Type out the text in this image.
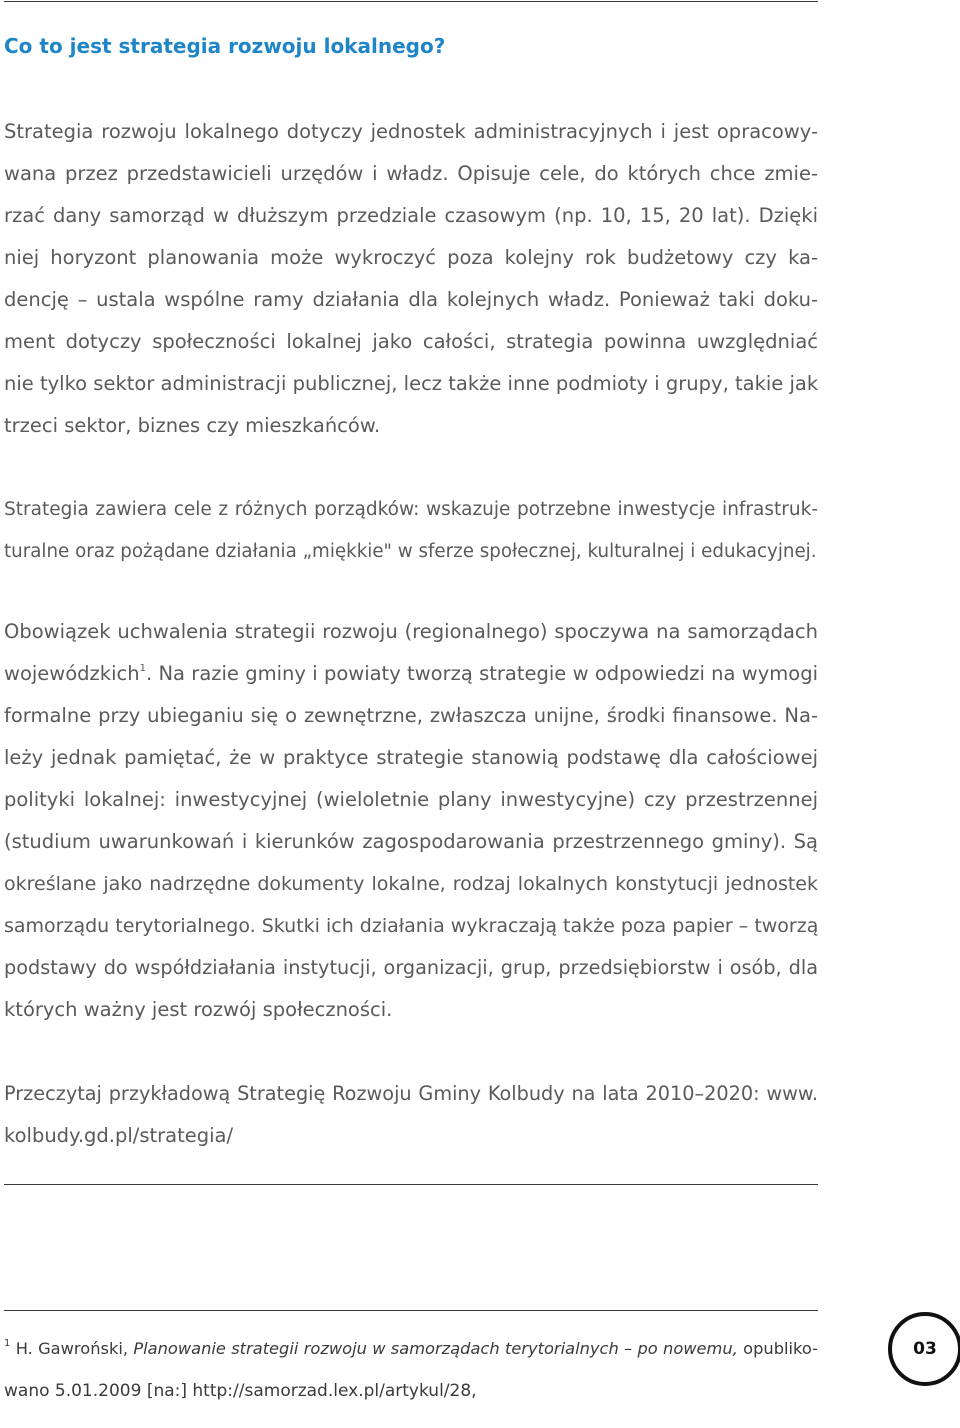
Co to jest strategia rozwoju lokalnego?
Strategia rozwoju lokalnego dotyczy jednostek administracyjnych i jest opracowy-
wana przez przedstawicieli urzędów i władz. Opisuje cele, do których chce zmie-
rzać dany samorząd w dłuższym przedziale czasowym (np. 10, 15, 20 lat). Dzięki
niej horyzont planowania może wykroczyć poza kolejny rok budżetowy czy ka-
dencję – ustala wspólne ramy działania dla kolejnych władz. Ponieważ taki doku-
ment dotyczy społeczności lokalnej jako całości, strategia powinna uwzględniać
nie tylko sektor administracji publicznej, lecz także inne podmioty i grupy, takie jak
trzeci sektor, biznes czy mieszkańców.
Strategia zawiera cele z różnych porządków: wskazuje potrzebne inwestycje infrastruk-
turalne oraz pożądane działania „miękkie" w sferze społecznej, kulturalnej i edukacyjnej.
Obowiązek uchwalenia strategii rozwoju (regionalnego) spoczywa na samorządach
wojewódzkich$^1$. Na razie gminy i powiaty tworzą strategie w odpowiedzi na wymogi
formalne przy ubieganiu się o zewnętrzne, zwłaszcza unijne, środki finansowe. Na-
leży jednak pamiętać, że w praktyce strategie stanowią podstawę dla całościowej
polityki lokalnej: inwestycyjnej (wieloletnie plany inwestycyjne) czy przestrzennej
(studium uwarunkowań i kierunków zagospodarowania przestrzennego gminy). Są
określane jako nadrzędne dokumenty lokalne, rodzaj lokalnych konstytucji jednostek
samorządu terytorialnego. Skutki ich działania wykraczają także poza papier – tworzą
podstawy do współdziałania instytucji, organizacji, grup, przedsiębiorstw i osób, dla
których ważny jest rozwój społeczności.
Przeczytaj przykładową Strategię Rozwoju Gminy Kolbudy na lata 2010–2020: www.
kolbudy.gd.pl/strategia/
$^1$ H. Gawroński, Planowanie strategii rozwoju w samorządach terytorialnych – po nowemu, opubliko-
wano 5.01.2009 [na:] http://samorzad.lex.pl/artykul/28,
03
